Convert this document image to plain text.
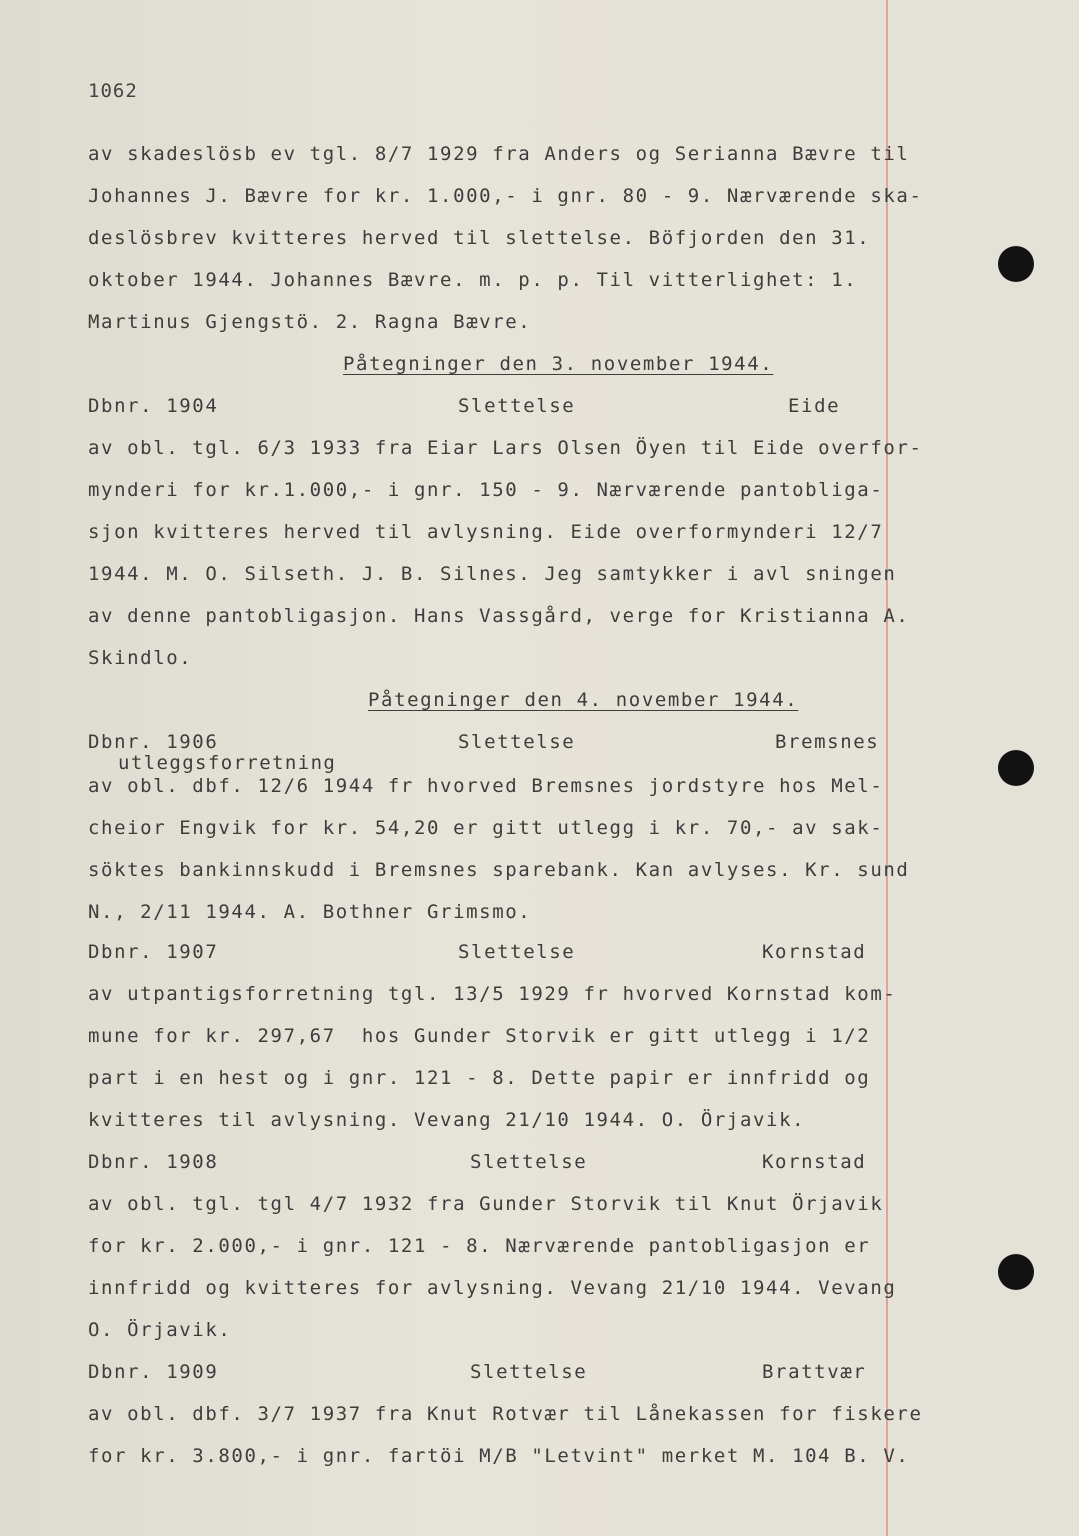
1062
av skadeslösb ev tgl. 8/7 1929 fra Anders og Serianna Bævre til
Johannes J. Bævre for kr. 1.000,- i gnr. 80 - 9. Nærværende ska-
deslösbrev kvitteres herved til slettelse. Böfjorden den 31.
oktober 1944. Johannes Bævre. m. p. p. Til vitterlighet: 1.
Martinus Gjengstö. 2. Ragna Bævre.
Påtegninger den 3. november 1944.
Dbnr. 1904	Slettelse	Eide
av obl. tgl. 6/3 1933 fra Eiar Lars Olsen Öyen til Eide overfor-
mynderi for kr.1.000,- i gnr. 150 - 9. Nærværende pantobliga-
sjon kvitteres herved til avlysning. Eide overformynderi 12/7
1944. M. O. Silseth. J. B. Silnes. Jeg samtykker i avl sningen
av denne pantobligasjon. Hans Vassgård, verge for Kristianna A.
Skindlo.
Påtegninger den 4. november 1944.
Dbnr. 1906	Slettelse	Bremsnes
utleggsforretning
av obl. dbf. 12/6 1944 fr hvorved Bremsnes jordstyre hos Mel-
cheior Engvik for kr. 54,20 er gitt utlegg i kr. 70,- av sak-
söktes bankinnskudd i Bremsnes sparebank. Kan avlyses. Kr. sund
N., 2/11 1944. A. Bothner Grimsmo.
Dbnr. 1907	Slettelse	Kornstad
av utpantigsforretning tgl. 13/5 1929 fr hvorved Kornstad kom-
mune for kr. 297,67  hos Gunder Storvik er gitt utlegg i 1/2
part i en hest og i gnr. 121 - 8. Dette papir er innfridd og
kvitteres til avlysning. Vevang 21/10 1944. O. Örjavik.
Dbnr. 1908	Slettelse	Kornstad
av obl. tgl. tgl 4/7 1932 fra Gunder Storvik til Knut Örjavik
for kr. 2.000,- i gnr. 121 - 8. Nærværende pantobligasjon er
innfridd og kvitteres for avlysning. Vevang 21/10 1944. Vevang
O. Örjavik.
Dbnr. 1909	Slettelse	Brattvær
av obl. dbf. 3/7 1937 fra Knut Rotvær til Lånekassen for fiskere
for kr. 3.800,- i gnr. fartöi M/B "Letvint" merket M. 104 B. V.
